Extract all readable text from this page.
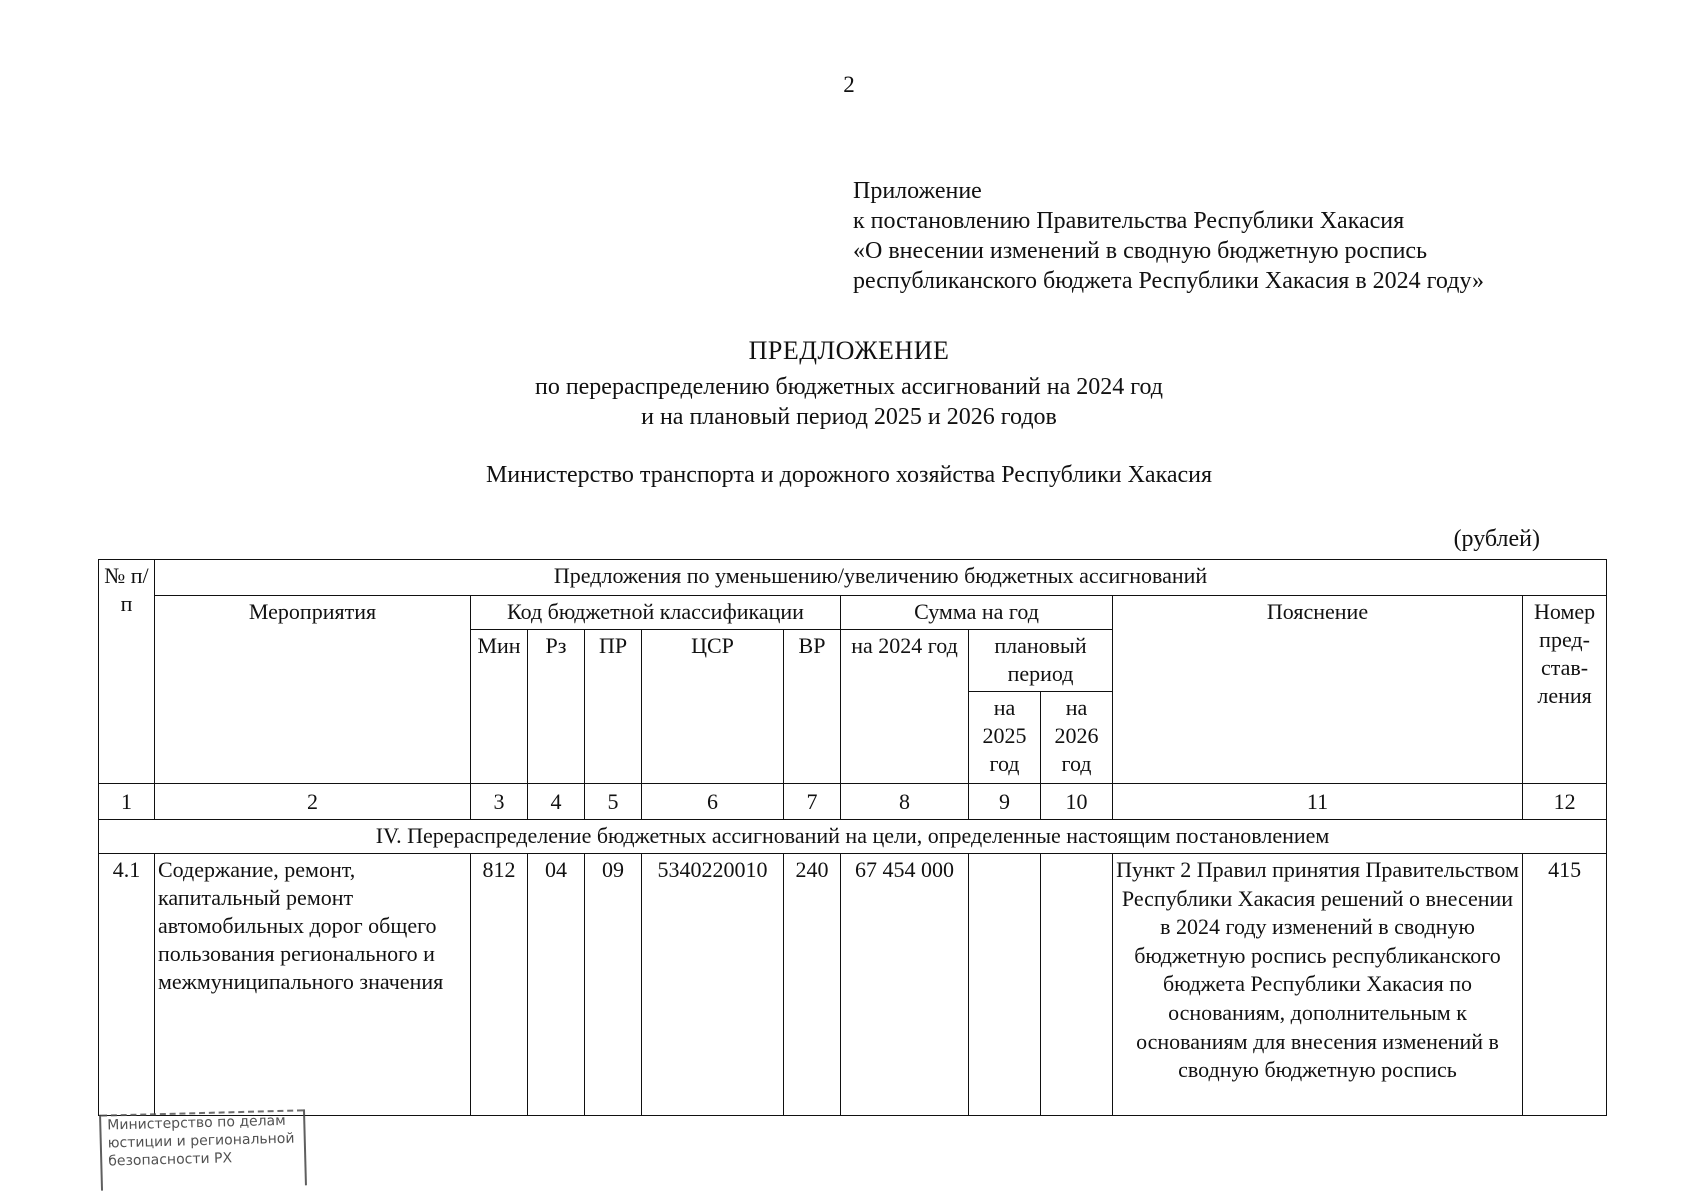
2
Приложение
к постановлению Правительства Республики Хакасия
«О внесении изменений в сводную бюджетную роспись
республиканского бюджета Республики Хакасия в 2024 году»
ПРЕДЛОЖЕНИЕ
по перераспределению бюджетных ассигнований на 2024 год
и на плановый период 2025 и 2026 годов
Министерство транспорта и дорожного хозяйства Республики Хакасия
(рублей)
№ п/п	Предложения по уменьшению/увеличению бюджетных ассигнований										
	Мероприятия	Код бюджетной классификации					Сумма на год			Пояснение	Номер пред-став-ления
		Мин	Рз	ПР	ЦСР	ВР	на 2024 год	плановый период			
								на 2025 год	на 2026 год		
1	2	3	4	5	6	7	8	9	10	11	12
IV. Перераспределение бюджетных ассигнований на цели, определенные настоящим постановлением											
4.1	Содержание, ремонт, капитальный ремонт автомобильных дорог общего пользования регионального и межмуниципального значения	812	04	09	5340220010	240	67 454 000			Пункт 2 Правил принятия Правительством Республики Хакасия решений о внесении в 2024 году изменений в сводную бюджетную роспись республиканского бюджета Республики Хакасия по основаниям, дополнительным к основаниям для внесения изменений в сводную бюджетную роспись	415
Министерство по делам
юстиции и региональной
безопасности РХ
